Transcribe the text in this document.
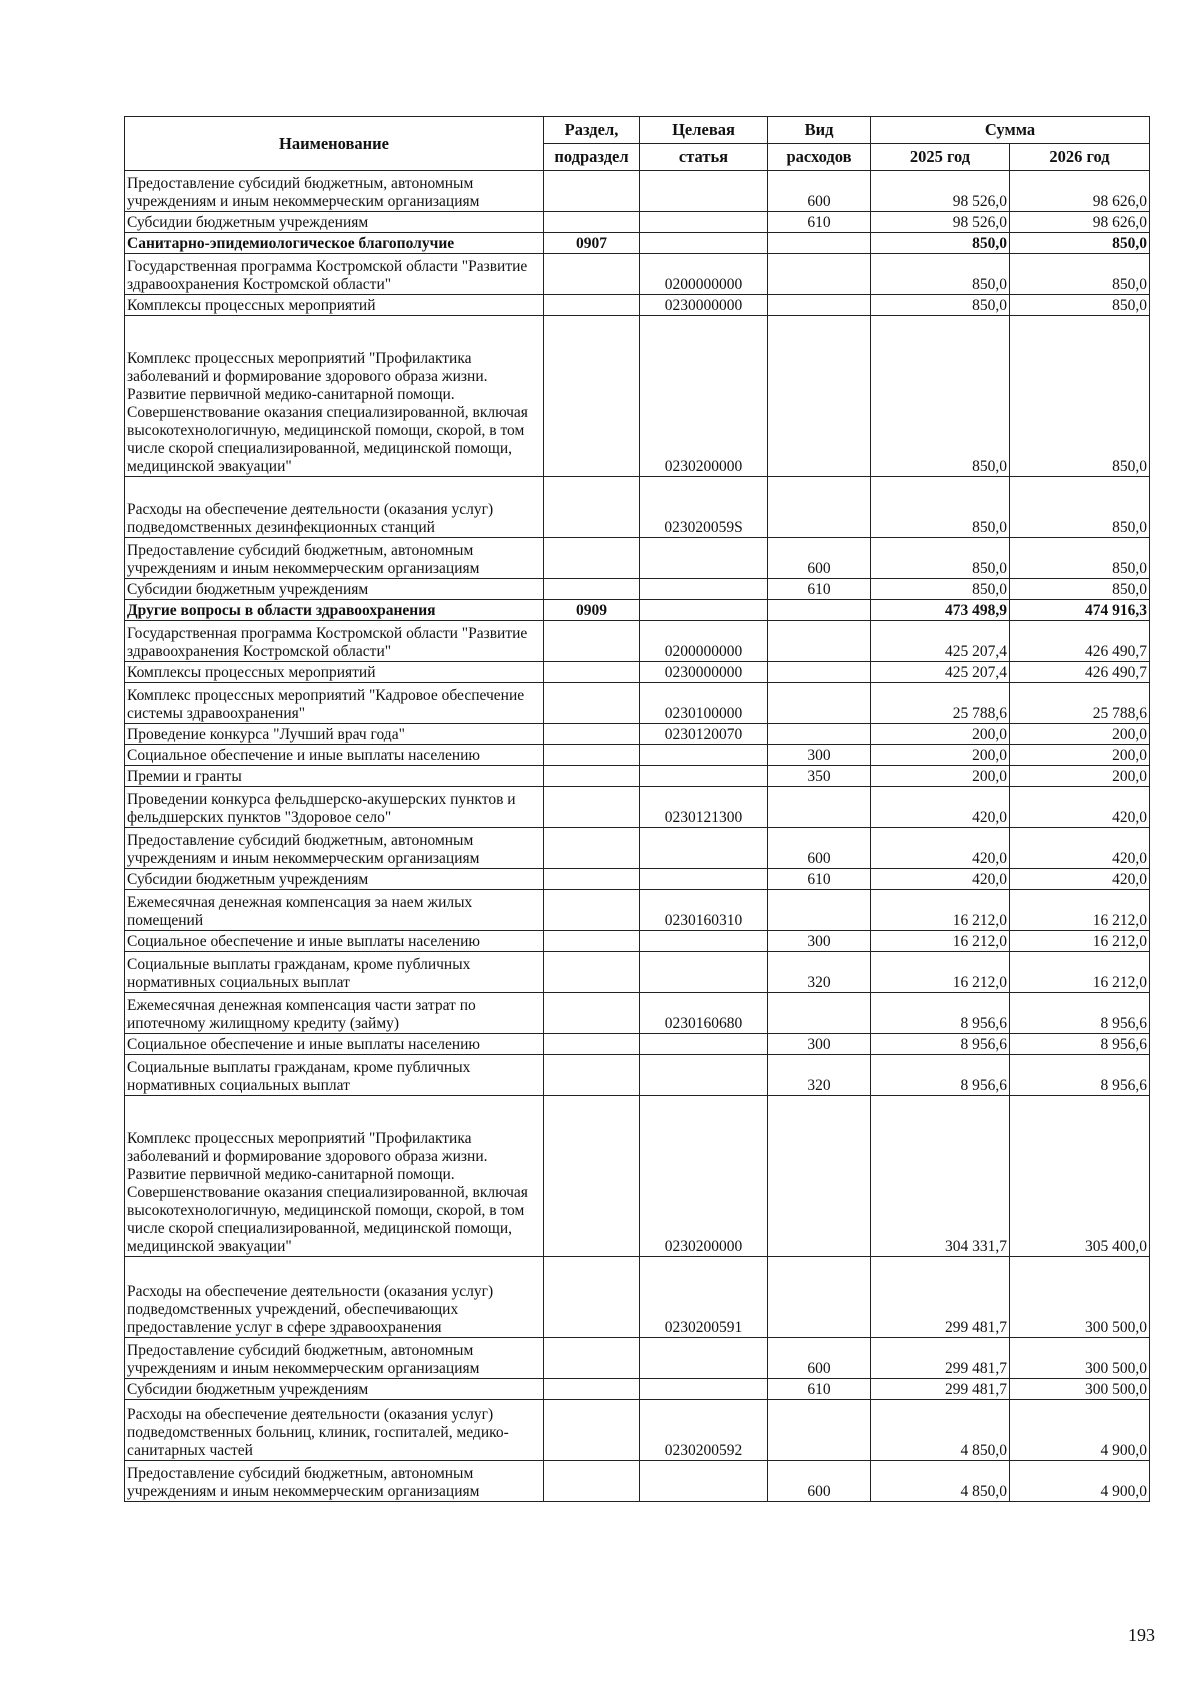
Наименование	Раздел,	Целевая	Вид	Сумма	
	подраздел	статья	расходов	2025 год	2026 год
Предоставление субсидий бюджетным, автономным учреждениям и иным некоммерческим организациям			600	98 526,0	98 626,0
Субсидии бюджетным учреждениям			610	98 526,0	98 626,0
Санитарно-эпидемиологическое благополучие	0907			850,0	850,0
Государственная программа Костромской области "Развитие здравоохранения Костромской области"		0200000000		850,0	850,0
Комплексы процессных мероприятий		0230000000		850,0	850,0
Комплекс процессных мероприятий "Профилактика заболеваний и формирование здорового образа жизни. Развитие первичной медико-санитарной помощи. Совершенствование оказания специализированной, включая высокотехнологичную, медицинской помощи, скорой, в том числе скорой специализированной, медицинской помощи, медицинской эвакуации"		0230200000		850,0	850,0
Расходы на обеспечение деятельности (оказания услуг) подведомственных дезинфекционных станций		023020059S		850,0	850,0
Предоставление субсидий бюджетным, автономным учреждениям и иным некоммерческим организациям			600	850,0	850,0
Субсидии бюджетным учреждениям			610	850,0	850,0
Другие вопросы в области здравоохранения	0909			473 498,9	474 916,3
Государственная программа Костромской области "Развитие здравоохранения Костромской области"		0200000000		425 207,4	426 490,7
Комплексы процессных мероприятий		0230000000		425 207,4	426 490,7
Комплекс процессных мероприятий "Кадровое обеспечение системы здравоохранения"		0230100000		25 788,6	25 788,6
Проведение конкурса "Лучший врач года"		0230120070		200,0	200,0
Социальное обеспечение и иные выплаты населению			300	200,0	200,0
Премии и гранты			350	200,0	200,0
Проведении конкурса фельдшерско-акушерских пунктов и фельдшерских пунктов "Здоровое село"		0230121300		420,0	420,0
Предоставление субсидий бюджетным, автономным учреждениям и иным некоммерческим организациям			600	420,0	420,0
Субсидии бюджетным учреждениям			610	420,0	420,0
Ежемесячная денежная компенсация за наем жилых помещений		0230160310		16 212,0	16 212,0
Социальное обеспечение и иные выплаты населению			300	16 212,0	16 212,0
Социальные выплаты гражданам, кроме публичных нормативных социальных выплат			320	16 212,0	16 212,0
Ежемесячная денежная компенсация части затрат по ипотечному жилищному кредиту (займу)		0230160680		8 956,6	8 956,6
Социальное обеспечение и иные выплаты населению			300	8 956,6	8 956,6
Социальные выплаты гражданам, кроме публичных нормативных социальных выплат			320	8 956,6	8 956,6
Комплекс процессных мероприятий "Профилактика заболеваний и формирование здорового образа жизни. Развитие первичной медико-санитарной помощи. Совершенствование оказания специализированной, включая высокотехнологичную, медицинской помощи, скорой, в том числе скорой специализированной, медицинской помощи, медицинской эвакуации"		0230200000		304 331,7	305 400,0
Расходы на обеспечение деятельности (оказания услуг) подведомственных учреждений, обеспечивающих предоставление услуг в сфере здравоохранения		0230200591		299 481,7	300 500,0
Предоставление субсидий бюджетным, автономным учреждениям и иным некоммерческим организациям			600	299 481,7	300 500,0
Субсидии бюджетным учреждениям			610	299 481,7	300 500,0
Расходы на обеспечение деятельности (оказания услуг) подведомственных больниц, клиник, госпиталей, медико-санитарных частей		0230200592		4 850,0	4 900,0
Предоставление субсидий бюджетным, автономным учреждениям и иным некоммерческим организациям			600	4 850,0	4 900,0
193
